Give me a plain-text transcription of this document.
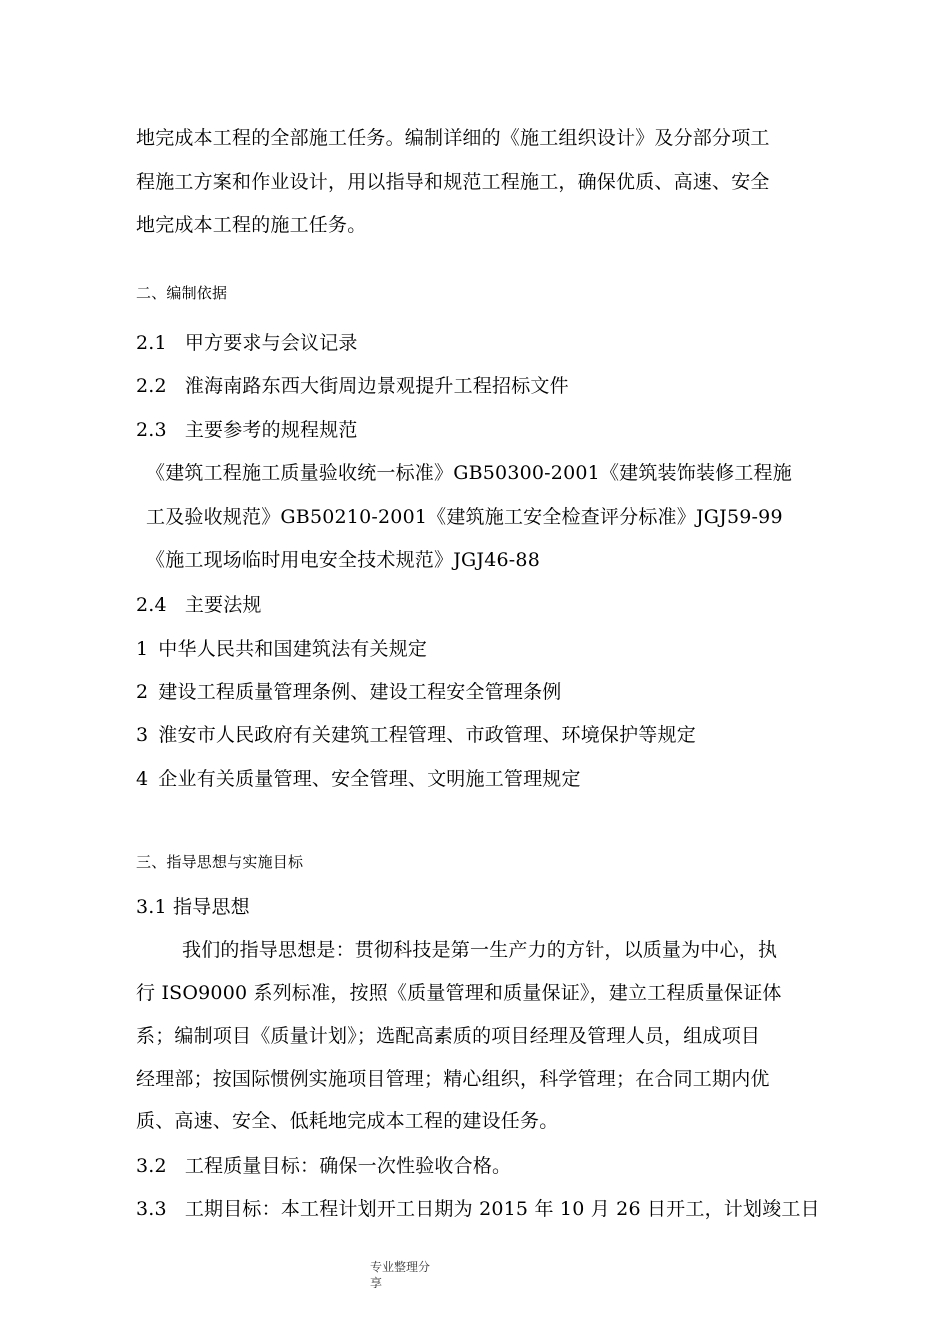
地完成本工程的全部施工任务。编制详细的《施工组织设计》及分部分项工
程施工方案和作业设计，用以指导和规范工程施工，确保优质、高速、安全
地完成本工程的施工任务。
二、编制依据
2.1 甲方要求与会议记录
2.2 淮海南路东西大街周边景观提升工程招标文件
2.3 主要参考的规程规范
《建筑工程施工质量验收统一标准》GB50300-2001《建筑装饰装修工程施
工及验收规范》GB50210-2001《建筑施工安全检查评分标准》JGJ59-99
《施工现场临时用电安全技术规范》JGJ46-88
2.4 主要法规
1 中华人民共和国建筑法有关规定
2 建设工程质量管理条例、建设工程安全管理条例
3 淮安市人民政府有关建筑工程管理、市政管理、环境保护等规定
4 企业有关质量管理、安全管理、文明施工管理规定
三、指导思想与实施目标
3.1 指导思想
我们的指导思想是：贯彻科技是第一生产力的方针，以质量为中心，执
行 ISO9000 系列标准，按照《质量管理和质量保证》，建立工程质量保证体
系；编制项目《质量计划》；选配高素质的项目经理及管理人员，组成项目
经理部；按国际惯例实施项目管理；精心组织，科学管理；在合同工期内优
质、高速、安全、低耗地完成本工程的建设任务。
3.2 工程质量目标：确保一次性验收合格。
3.3 工期目标：本工程计划开工日期为 2015 年 10 月 26 日开工，计划竣工日
专业整理分
享
